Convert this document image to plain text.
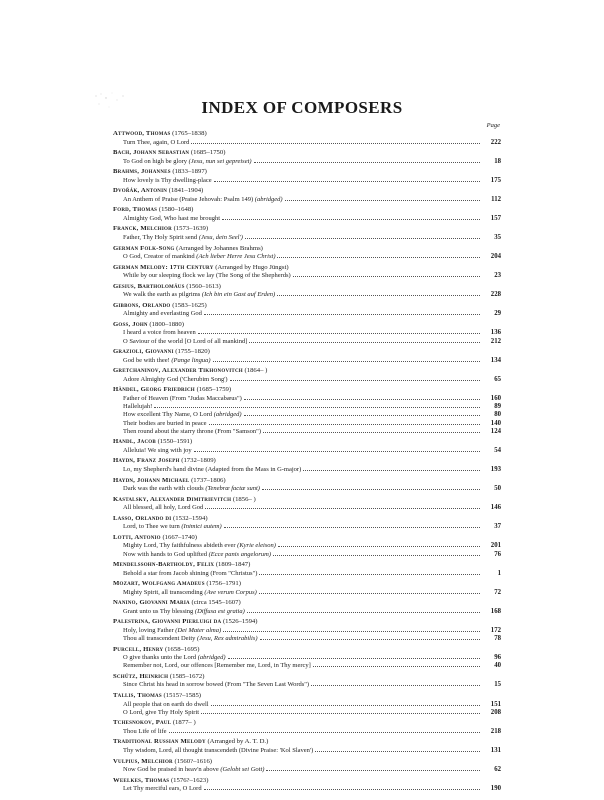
INDEX OF COMPOSERS
Page
Attwood, Thomas (1765–1838)
Turn Thee, again, O Lord	222
Bach, Johann Sebastian (1685–1750)
To God on high be glory (Jesu, nun sei gepreiset)	18
Brahms, Johannes (1833–1897)
How lovely is Thy dwelling-place	175
Dvořák, Antonin (1841–1904)
An Anthem of Praise (Praise Jehovah: Psalm 149) (abridged)	112
Ford, Thomas (1580–1648)
Almighty God, Who hast me brought	157
Franck, Melchior (1573–1639)
Father, Thy Holy Spirit send (Jesu, dein Seel')	35
German Folk-Song (Arranged by Johannes Brahms)
O God, Creator of mankind (Ach lieber Herre Jesu Christ)	204
German Melody: 17th Century (Arranged by Hugo Jüngst)
While by our sleeping flock we lay (The Song of the Shepherds)	23
Gesius, Bartholomäus (1560–1613)
We walk the earth as pilgrims (Ich bin ein Gast auf Erden)	228
Gibbons, Orlando (1583–1625)
Almighty and everlasting God	29
Goss, John (1800–1880)
I heard a voice from heaven	136
O Saviour of the world [O Lord of all mankind]	212
Grazioli, Giovanni (1755–1820)
God be with thee! (Pange lingua)	134
Gretchaninov, Alexander Tikhonovitch (1864– )
Adore Almighty God ('Cherubim Song')	65
Händel, Georg Friedrich (1685–1759)
Father of Heaven (From "Judas Maccabæus")	160
Hallelujah!	89
How excellent Thy Name, O Lord (abridged)	80
Their bodies are buried in peace	140
Then round about the starry throne (From "Samson")	124
Handl, Jacob (1550–1591)
Alleluia! We sing with joy	54
Haydn, Franz Joseph (1732–1809)
Lo, my Shepherd's hand divine (Adapted from the Mass in G-major)	193
Haydn, Johann Michael (1737–1806)
Dark was the earth with clouds (Tenebræ factæ sunt)	50
Kastalsky, Alexander Dimitrievitch (1856– )
All blessed, all holy, Lord God	146
Lasso, Orlando di (1532–1594)
Lord, to Thee we turn (Inimici autem)	37
Lotti, Antonio (1667–1740)
Mighty Lord, Thy faithfulness abideth ever (Kyrie eleison)	201
Now with hands to God uplifted (Ecce panis angelorum)	76
Mendelssohn-Bartholdy, Felix (1809–1847)
Behold a star from Jacob shining (From "Christus")	1
Mozart, Wolfgang Amadeus (1756–1791)
Mighty Spirit, all transcending (Ave verum Corpus)	72
Nanino, Giovanni Maria (circa 1545–1607)
Grant unto us Thy blessing (Diffusa est gratia)	168
Palestrina, Giovanni Pierluigi da (1526–1594)
Holy, loving Father (Dei Mater alma)	172
Thou all transcendent Deity (Jesu, Rex admirabilis)	78
Purcell, Henry (1658–1695)
O give thanks unto the Lord (abridged)	96
Remember not, Lord, our offences [Remember me, Lord, in Thy mercy]	40
Schütz, Heinrich (1585–1672)
Since Christ his head in sorrow bowed (From "The Seven Last Words")	15
Tallis, Thomas (1515?–1585)
All people that on earth do dwell	151
O Lord, give Thy Holy Spirit	208
Tchesnokov, Paul (1877– )
Thou Life of life	218
Traditional Russian Melody (Arranged by A. T. D.)
Thy wisdom, Lord, all thought transcendeth (Divine Praise: 'Kol Slaven')	131
Vulpius, Melchior (1560?–1616)
Now God be praised in heav'n above (Gelobt sei Gott)	62
Weelkes, Thomas (1576?–1623)
Let Thy merciful ears, O Lord	190
